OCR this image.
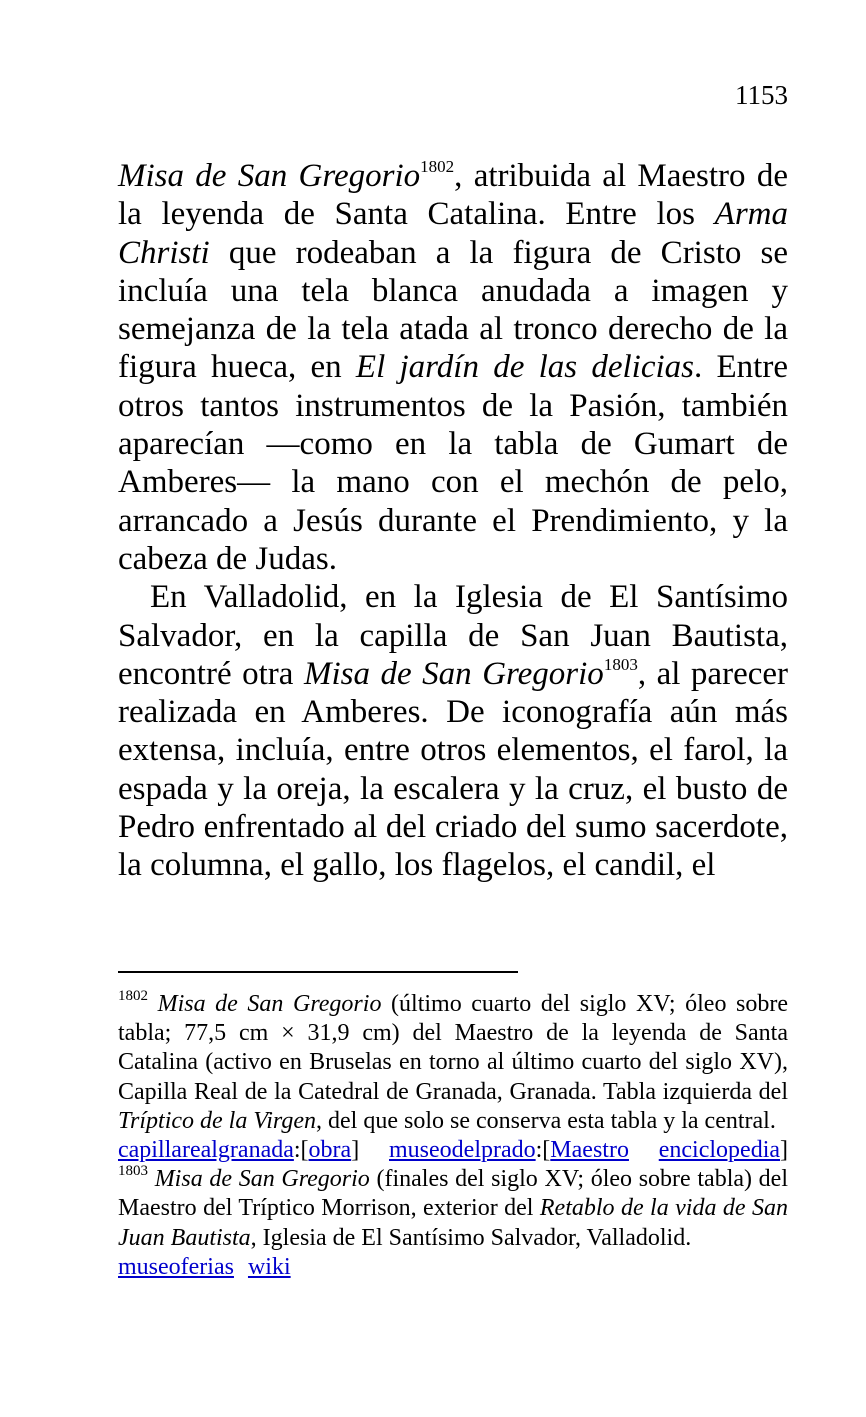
1153

Misa de San Gregorio$^{1802}$, atribuida al Maestro de la leyenda de Santa Catalina. Entre los Arma Christi que rodeaban a la figura de Cristo se incluía una tela blanca anudada a imagen y semejanza de la tela atada al tronco derecho de la figura hueca, en El jardín de las delicias. Entre otros tantos instrumentos de la Pasión, también aparecían —como en la tabla de Gumart de Amberes— la mano con el mechón de pelo, arrancado a Jesús durante el Prendimiento, y la cabeza de Judas.

En Valladolid, en la Iglesia de El Santísimo Salvador, en la capilla de San Juan Bautista, encontré otra Misa de San Gregorio$^{1803}$, al parecer realizada en Amberes. De iconografía aún más extensa, incluía, entre otros elementos, el farol, la espada y la oreja, la escalera y la cruz, el busto de Pedro enfrentado al del criado del sumo sacerdote, la columna, el gallo, los flagelos, el candil, el

$^{1802}$ Misa de San Gregorio (último cuarto del siglo XV; óleo sobre tabla; 77,5 cm × 31,9 cm) del Maestro de la leyenda de Santa Catalina (activo en Bruselas en torno al último cuarto del siglo XV), Capilla Real de la Catedral de Granada, Granada. Tabla izquierda del Tríptico de la Virgen, del que solo se conserva esta tabla y la central.

capillarealgranada:[obra] museodelprado:[Maestro enciclopedia]

$^{1803}$ Misa de San Gregorio (finales del siglo XV; óleo sobre tabla) del Maestro del Tríptico Morrison, exterior del Retablo de la vida de San Juan Bautista, Iglesia de El Santísimo Salvador, Valladolid.

museoferias wiki
